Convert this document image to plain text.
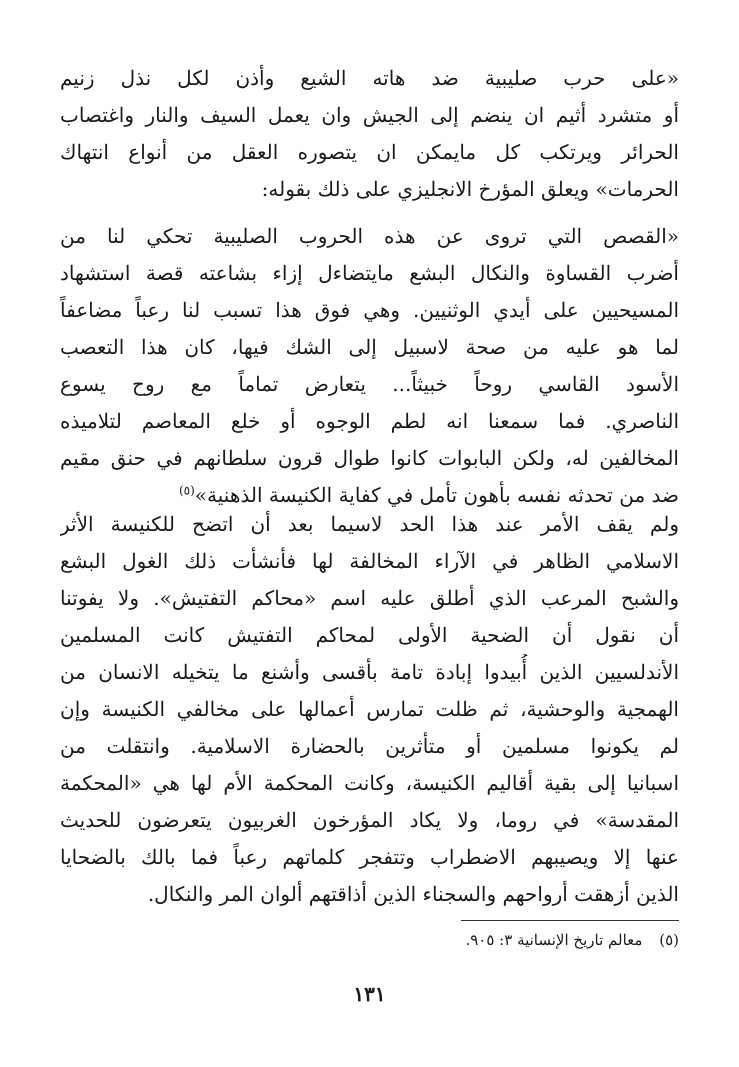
«على حرب صليبية ضد هاته الشيع وأذن لكل نذل زنيم
أو متشرد أثيم ان ينضم إلى الجيش وان يعمل السيف والنار واغتصاب
الحرائر ويرتكب كل مايمكن ان يتصوره العقل من أنواع انتهاك
الحرمات» ويعلق المؤرخ الانجليزي على ذلك بقوله:
«القصص التي تروى عن هذه الحروب الصليبية تحكي لنا من
أضرب القساوة والنكال البشع مايتضاءل إزاء بشاعته قصة استشهاد
المسيحيين على أيدي الوثنيين. وهي فوق هذا تسبب لنا رعباً مضاعفاً
لما هو عليه من صحة لاسبيل إلى الشك فيها، كان هذا التعصب
الأسود القاسي روحاً خبيثاً... يتعارض تماماً مع روح يسوع
الناصري. فما سمعنا انه لطم الوجوه أو خلع المعاصم لتلاميذه
المخالفين له، ولكن البابوات كانوا طوال قرون سلطانهم في حنق مقيم
ضد من تحدثه نفسه بأهون تأمل في كفاية الكنيسة الذهنية»$^{(٥)}$
ولم يقف الأمر عند هذا الحد لاسيما بعد أن اتضح للكنيسة الأثر
الاسلامي الظاهر في الآراء المخالفة لها فأنشأت ذلك الغول البشع
والشبح المرعب الذي أطلق عليه اسم «محاكم التفتيش». ولا يفوتنا
أن نقول أن الضحية الأولى لمحاكم التفتيش كانت المسلمين
الأندلسيين الذين أُبيدوا إبادة تامة بأقسى وأشنع ما يتخيله الانسان من
الهمجية والوحشية، ثم ظلت تمارس أعمالها على مخالفي الكنيسة وإن
لم يكونوا مسلمين أو متأثرين بالحضارة الاسلامية. وانتقلت من
اسبانيا إلى بقية أقاليم الكنيسة، وكانت المحكمة الأم لها هي «المحكمة
المقدسة» في روما، ولا يكاد المؤرخون الغربيون يتعرضون للحديث
عنها إلا ويصيبهم الاضطراب وتتفجر كلماتهم رعباً فما بالك بالضحايا
الذين أزهقت أرواحهم والسجناء الذين أذاقتهم ألوان المر والنكال.
(٥) معالم تاريخ الإنسانية ٣: ٩٠٥.
١٣١
